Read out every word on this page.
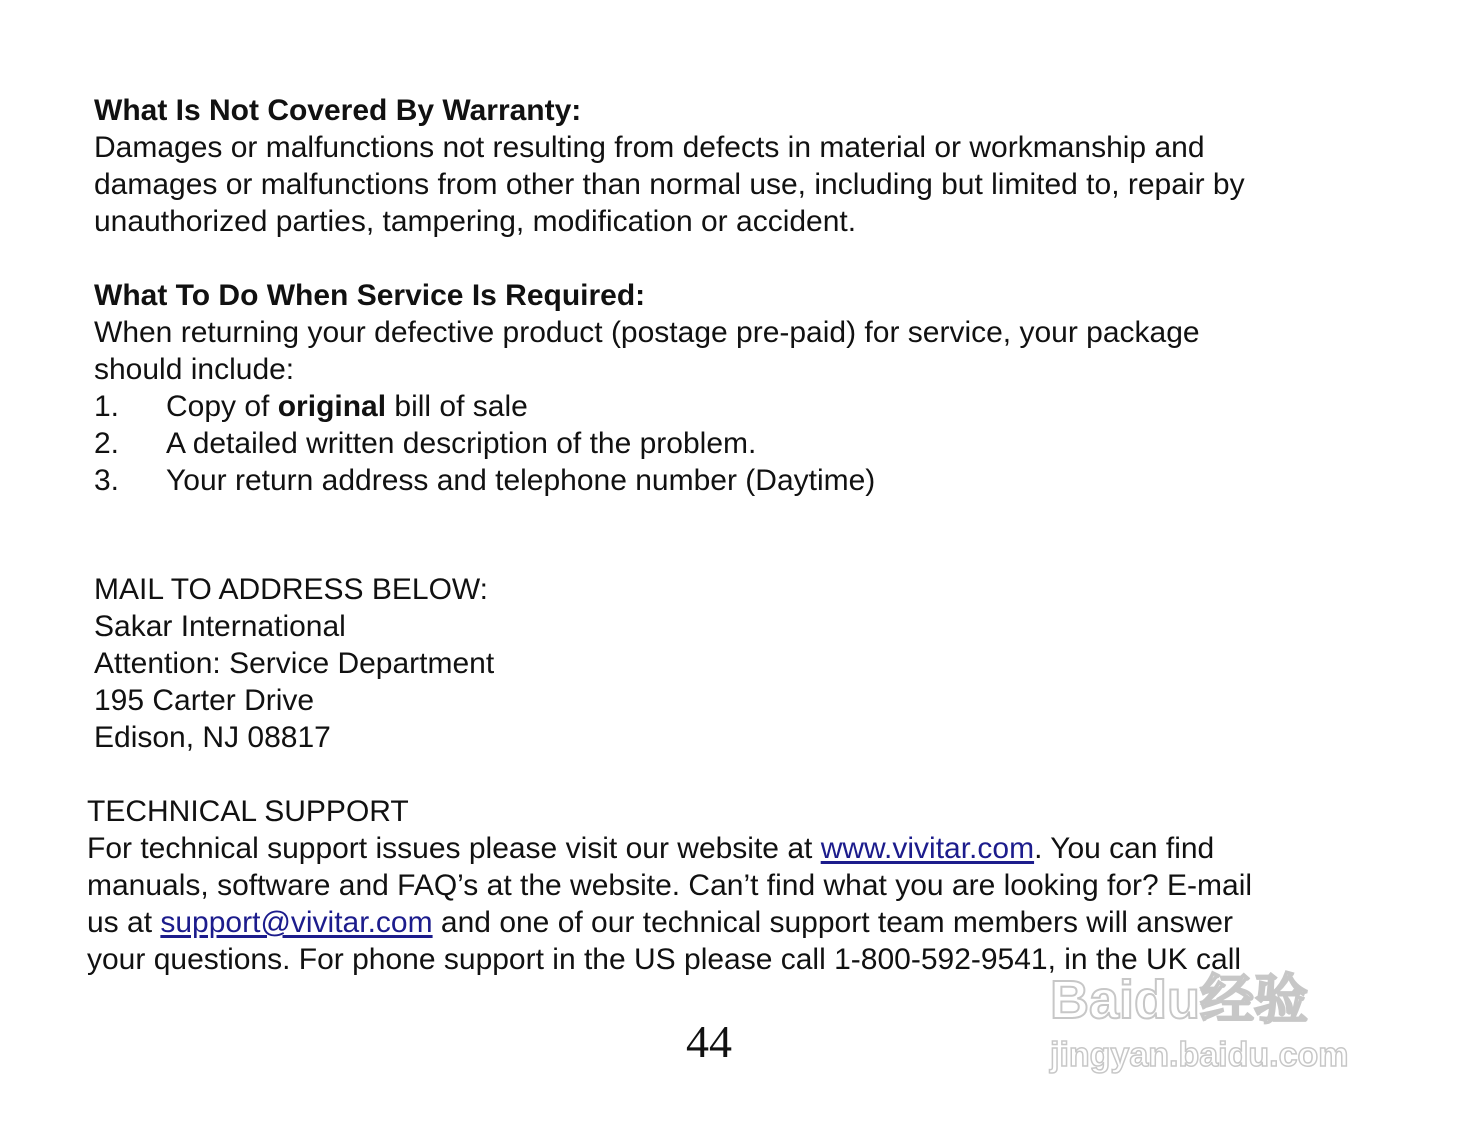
What Is Not Covered By Warranty:
Damages or malfunctions not resulting from defects in material or workmanship and
damages or malfunctions from other than normal use, including but limited to, repair by
unauthorized parties, tampering, modification or accident.
What To Do When Service Is Required:
When returning your defective product (postage pre-paid) for service, your package
should include:
1. Copy of original bill of sale
2. A detailed written description of the problem.
3. Your return address and telephone number (Daytime)
MAIL TO ADDRESS BELOW:
Sakar International
Attention: Service Department
195 Carter Drive
Edison, NJ 08817
TECHNICAL SUPPORT
For technical support issues please visit our website at www.vivitar.com. You can find
manuals, software and FAQ’s at the website. Can’t find what you are looking for? E-mail
us at support@vivitar.com and one of our technical support team members will answer
your questions. For phone support in the US please call 1-800-592-9541, in the UK call
44
Baidu经验
jingyan.baidu.com
